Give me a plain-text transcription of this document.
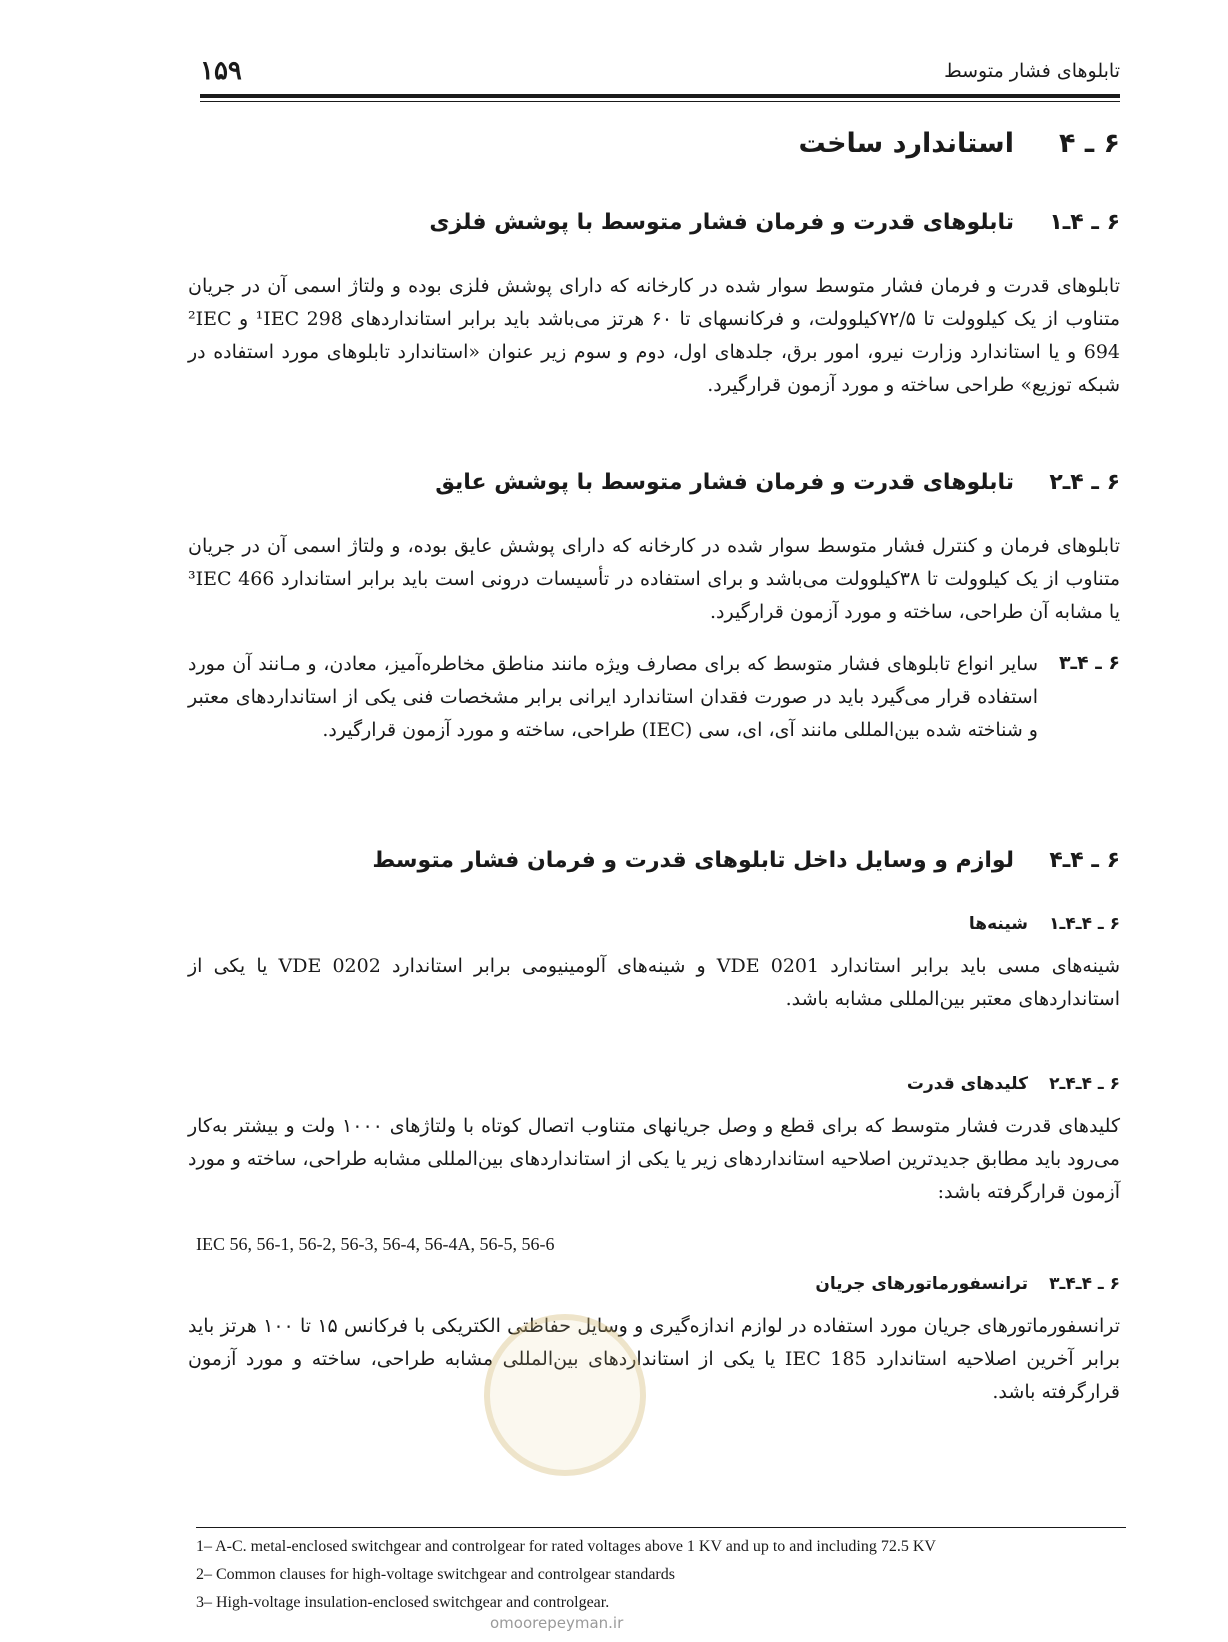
۱۵۹	تابلوهای فشار متوسط
۶ ـ ۴استاندارد ساخت
۶ ـ ۴ـ۱تابلوهای قدرت و فرمان فشار متوسط با پوشش فلزی
تابلوهای قدرت و فرمان فشار متوسط سوار شده در کارخانه که دارای پوشش فلزی بوده و ولتاژ اسمی آن در جریان متناوب از یک کیلوولت تا ۷۲/۵کیلوولت، و فرکانسهای تا ۶۰ هرتز می‌باشد باید برابر استانداردهای ¹IEC 298 و ²IEC 694 و یا استاندارد وزارت نیرو، امور برق، جلدهای اول، دوم و سوم زیر عنوان «استاندارد تابلوهای مورد استفاده در شبکه توزیع» طراحی ساخته و مورد آزمون قرارگیرد.
۶ ـ ۴ـ۲تابلوهای قدرت و فرمان فشار متوسط با پوشش عایق
تابلوهای فرمان و کنترل فشار متوسط سوار شده در کارخانه که دارای پوشش عایق بوده، و ولتاژ اسمی آن در جریان متناوب از یک کیلوولت تا ۳۸کیلوولت می‌باشد و برای استفاده در تأسیسات درونی است باید برابر استاندارد ³IEC 466 یا مشابه آن طراحی، ساخته و مورد آزمون قرارگیرد.
۶ ـ ۴ـ۳
سایر انواع تابلوهای فشار متوسط که برای مصارف ویژه مانند مناطق مخاطره‌آمیز، معادن، و مـانند آن مورد استفاده قرار می‌گیرد باید در صورت فقدان استاندارد ایرانی برابر مشخصات فنی یکی از استانداردهای معتبر و شناخته شده بین‌المللی مانند آی، ای، سی (IEC) طراحی، ساخته و مورد آزمون قرارگیرد.
۶ ـ ۴ـ۴لوازم و وسایل داخل تابلوهای قدرت و فرمان فشار متوسط
۶ ـ ۴ـ۴ـ۱شینه‌ها
شینه‌های مسی باید برابر استاندارد VDE 0201 و شینه‌های آلومینیومی برابر استاندارد VDE 0202 یا یکی از استانداردهای معتبر بین‌المللی مشابه باشد.
۶ ـ ۴ـ۴ـ۲کلیدهای قدرت
کلیدهای قدرت فشار متوسط که برای قطع و وصل جریانهای متناوب اتصال کوتاه با ولتاژهای ۱۰۰۰ ولت و بیشتر به‌کار می‌رود باید مطابق جدیدترین اصلاحیه استانداردهای زیر یا یکی از استانداردهای بین‌المللی مشابه طراحی، ساخته و مورد آزمون قرارگرفته باشد:
IEC 56, 56-1, 56-2, 56-3, 56-4, 56-4A, 56-5, 56-6
۶ ـ ۴ـ۴ـ۳ترانسفورماتورهای جریان
ترانسفورماتورهای جریان مورد استفاده در لوازم اندازه‌گیری و وسایل حفاظتی الکتریکی با فرکانس ۱۵ تا ۱۰۰ هرتز باید برابر آخرین اصلاحیه استاندارد IEC 185 یا یکی از استانداردهای بین‌المللی مشابه طراحی، ساخته و مورد آزمون قرارگرفته باشد.
1– A-C. metal-enclosed switchgear and controlgear for rated voltages above 1 KV and up to and including 72.5 KV
2– Common clauses for high-voltage switchgear and controlgear standards
3– High-voltage insulation-enclosed switchgear and controlgear.
omoorepeyman.ir
